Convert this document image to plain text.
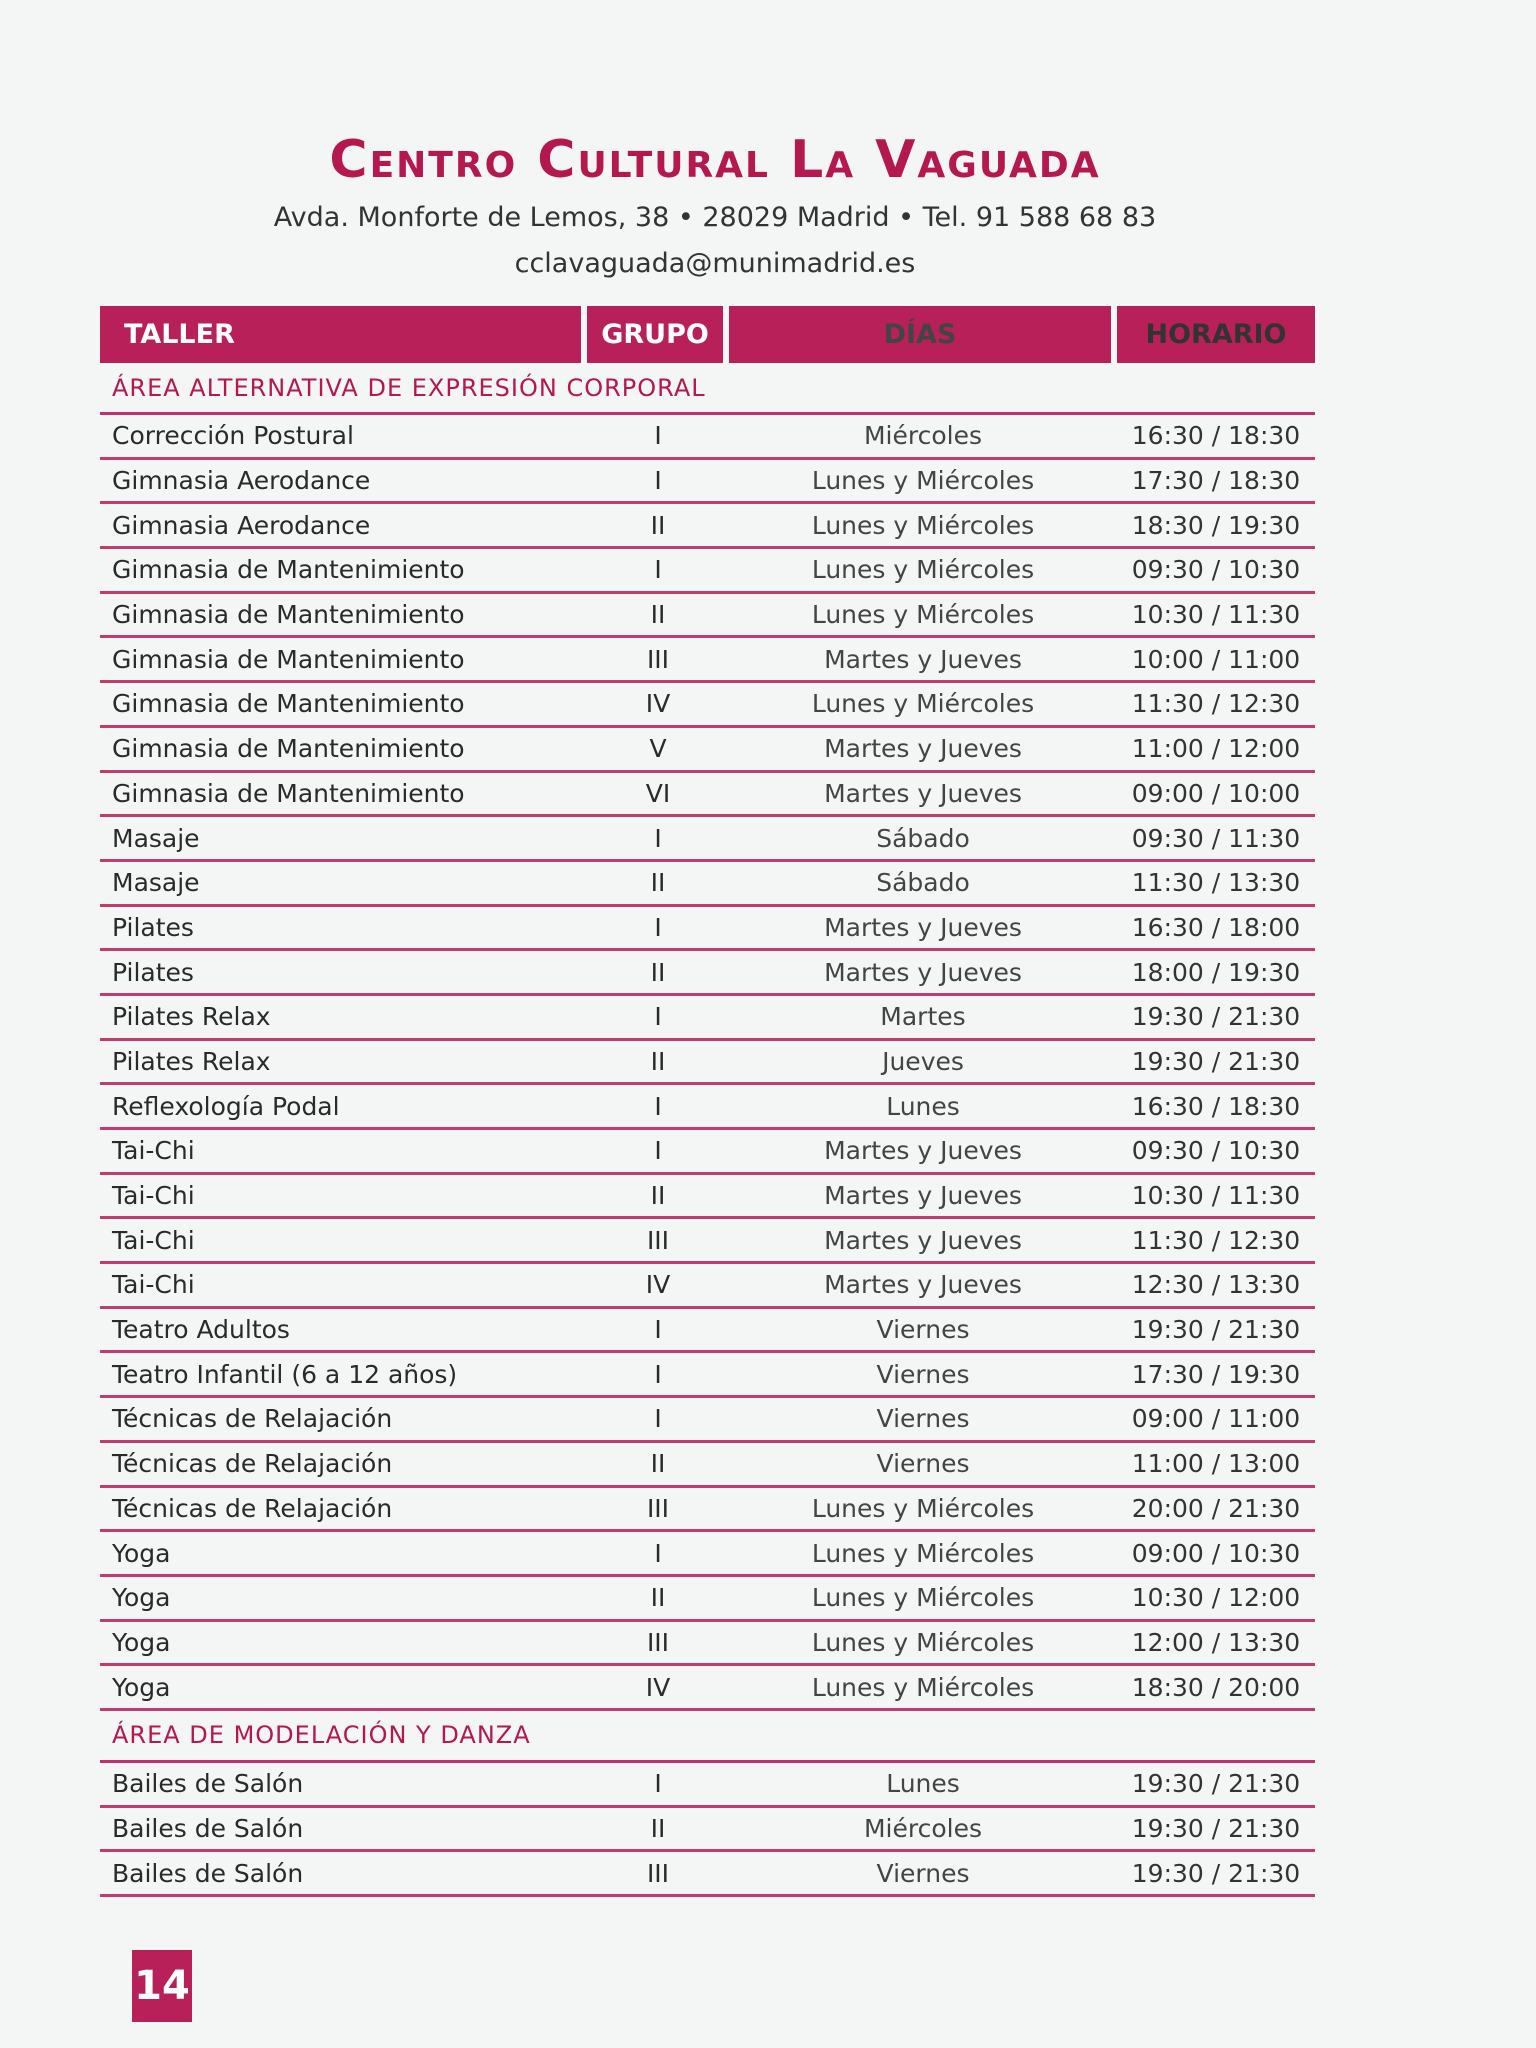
Centro Cultural La Vaguada
Avda. Monforte de Lemos, 38 • 28029 Madrid • Tel. 91 588 68 83
cclavaguada@munimadrid.es
TALLER	GRUPO	DÍAS	HORARIO
ÁREA ALTERNATIVA DE EXPRESIÓN CORPORAL
Corrección Postural	I	Miércoles	16:30 / 18:30
Gimnasia Aerodance	I	Lunes y Miércoles	17:30 / 18:30
Gimnasia Aerodance	II	Lunes y Miércoles	18:30 / 19:30
Gimnasia de Mantenimiento	I	Lunes y Miércoles	09:30 / 10:30
Gimnasia de Mantenimiento	II	Lunes y Miércoles	10:30 / 11:30
Gimnasia de Mantenimiento	III	Martes y Jueves	10:00 / 11:00
Gimnasia de Mantenimiento	IV	Lunes y Miércoles	11:30 / 12:30
Gimnasia de Mantenimiento	V	Martes y Jueves	11:00 / 12:00
Gimnasia de Mantenimiento	VI	Martes y Jueves	09:00 / 10:00
Masaje	I	Sábado	09:30 / 11:30
Masaje	II	Sábado	11:30 / 13:30
Pilates	I	Martes y Jueves	16:30 / 18:00
Pilates	II	Martes y Jueves	18:00 / 19:30
Pilates Relax	I	Martes	19:30 / 21:30
Pilates Relax	II	Jueves	19:30 / 21:30
Reflexología Podal	I	Lunes	16:30 / 18:30
Tai-Chi	I	Martes y Jueves	09:30 / 10:30
Tai-Chi	II	Martes y Jueves	10:30 / 11:30
Tai-Chi	III	Martes y Jueves	11:30 / 12:30
Tai-Chi	IV	Martes y Jueves	12:30 / 13:30
Teatro Adultos	I	Viernes	19:30 / 21:30
Teatro Infantil (6 a 12 años)	I	Viernes	17:30 / 19:30
Técnicas de Relajación	I	Viernes	09:00 / 11:00
Técnicas de Relajación	II	Viernes	11:00 / 13:00
Técnicas de Relajación	III	Lunes y Miércoles	20:00 / 21:30
Yoga	I	Lunes y Miércoles	09:00 / 10:30
Yoga	II	Lunes y Miércoles	10:30 / 12:00
Yoga	III	Lunes y Miércoles	12:00 / 13:30
Yoga	IV	Lunes y Miércoles	18:30 / 20:00
ÁREA DE MODELACIÓN Y DANZA
Bailes de Salón	I	Lunes	19:30 / 21:30
Bailes de Salón	II	Miércoles	19:30 / 21:30
Bailes de Salón	III	Viernes	19:30 / 21:30
14
